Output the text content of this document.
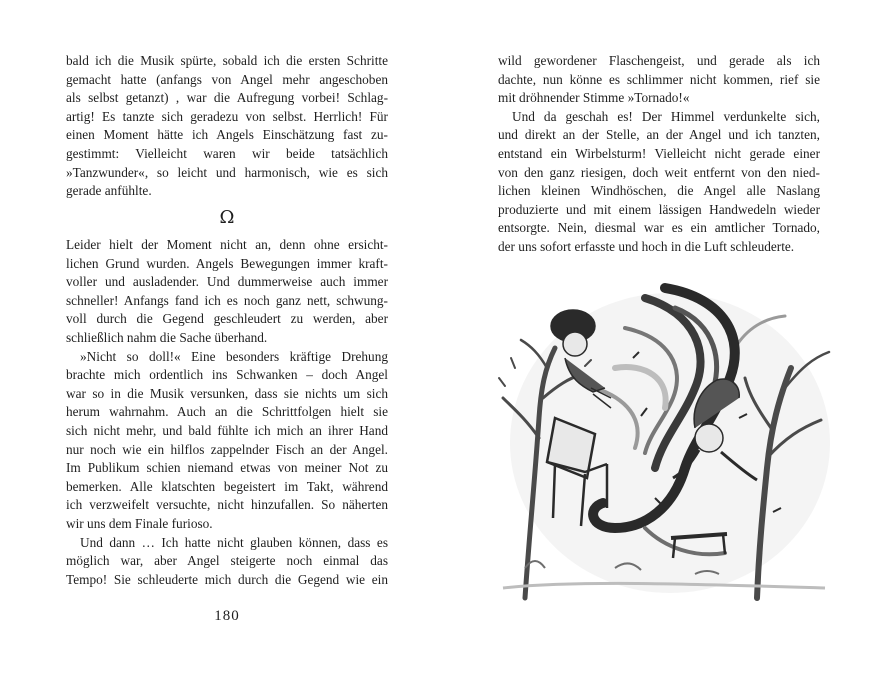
bald ich die Musik spürte, sobald ich die ersten Schritte
gemacht hatte (anfangs von Angel mehr angeschoben
als selbst getanzt) , war die Aufregung vorbei! Schlag-
artig! Es tanzte sich geradezu von selbst. Herrlich! Für
einen Moment hätte ich Angels Einschätzung fast zu-
gestimmt: Vielleicht waren wir beide tatsächlich
»Tanzwunder«, so leicht und harmonisch, wie es sich
gerade anfühlte.
Ω
Leider hielt der Moment nicht an, denn ohne ersicht-
lichen Grund wurden. Angels Bewegungen immer kraft-
voller und ausladender. Und dummerweise auch immer
schneller! Anfangs fand ich es noch ganz nett, schwung-
voll durch die Gegend geschleudert zu werden, aber
schließlich nahm die Sache überhand.
»Nicht so doll!« Eine besonders kräftige Drehung
brachte mich ordentlich ins Schwanken – doch Angel
war so in die Musik versunken, dass sie nichts um sich
herum wahrnahm. Auch an die Schrittfolgen hielt sie
sich nicht mehr, und bald fühlte ich mich an ihrer Hand
nur noch wie ein hilflos zappelnder Fisch an der Angel.
Im Publikum schien niemand etwas von meiner Not zu
bemerken. Alle klatschten begeistert im Takt, während
ich verzweifelt versuchte, nicht hinzufallen. So näherten
wir uns dem Finale furioso.
Und dann … Ich hatte nicht glauben können, dass es
möglich war, aber Angel steigerte noch einmal das
Tempo! Sie schleuderte mich durch die Gegend wie ein
180
wild gewordener Flaschengeist, und gerade als ich
dachte, nun könne es schlimmer nicht kommen, rief sie
mit dröhnender Stimme »Tornado!«
Und da geschah es! Der Himmel verdunkelte sich,
und direkt an der Stelle, an der Angel und ich tanzten,
entstand ein Wirbelsturm! Vielleicht nicht gerade einer
von den ganz riesigen, doch weit entfernt von den nied-
lichen kleinen Windhöschen, die Angel alle Naslang
produzierte und mit einem lässigen Handwedeln wieder
entsorgte. Nein, diesmal war es ein amtlicher Tornado,
der uns sofort erfasste und hoch in die Luft schleuderte.
